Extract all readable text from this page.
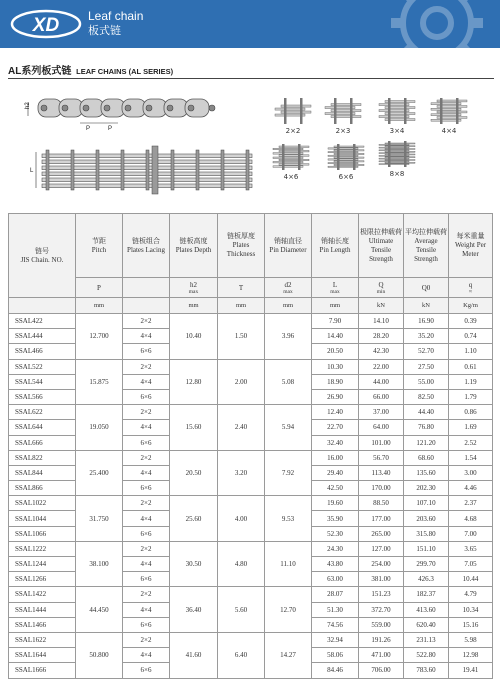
XD Leaf chain
板式链
AL系列板式链 LEAF CHAINS (AL SERIES)
h2
P	P
L
2×2	2×3	3×4	4×4
4×6	6×6	8×8
链号
JIS Chain. NO.	节距
Pitch	链板组合
Plates Lacing	链板高度
Plates Depth	链板厚度
Plates Thickness	销轴直径
Pin Diameter	销轴长度
Pin Length	极限拉伸载荷
Ultimate Tensile Strength	平均拉伸载荷
Average Tensile Strength	每米重量
Weight Per Meter
	P		h2
max	T	d2
max	L
max	Q
min	Q0	q
≈

	mm		mm	mm	mm	mm	kN	kN	Kg/m
SSAL422	12.700	2×2	10.40	1.50	3.96	7.90	14.10	16.90	0.39
SSAL444		4×4				14.40	28.20	35.20	0.74
SSAL466		6×6				20.50	42.30	52.70	1.10
SSAL522	15.875	2×2	12.80	2.00	5.08	10.30	22.00	27.50	0.61
SSAL544		4×4				18.90	44.00	55.00	1.19
SSAL566		6×6				26.90	66.00	82.50	1.79
SSAL622	19.050	2×2	15.60	2.40	5.94	12.40	37.00	44.40	0.86
SSAL644		4×4				22.70	64.00	76.80	1.69
SSAL666		6×6				32.40	101.00	121.20	2.52
SSAL822	25.400	2×2	20.50	3.20	7.92	16.00	56.70	68.60	1.54
SSAL844		4×4				29.40	113.40	135.60	3.00
SSAL866		6×6				42.50	170.00	202.30	4.46
SSAL1022	31.750	2×2	25.60	4.00	9.53	19.60	88.50	107.10	2.37
SSAL1044		4×4				35.90	177.00	203.60	4.68
SSAL1066		6×6				52.30	265.00	315.80	7.00
SSAL1222	38.100	2×2	30.50	4.80	11.10	24.30	127.00	151.10	3.65
SSAL1244		4×4				43.80	254.00	299.70	7.05
SSAL1266		6×6				63.00	381.00	426.3	10.44
SSAL1422	44.450	2×2	36.40	5.60	12.70	28.07	151.23	182.37	4.79
SSAL1444		4×4				51.30	372.70	413.60	10.34
SSAL1466		6×6				74.56	559.00	620.40	15.16
SSAL1622	50.800	2×2	41.60	6.40	14.27	32.94	191.26	231.13	5.98
SSAL1644		4×4				58.06	471.00	522.80	12.98
SSAL1666		6×6				84.46	706.00	783.60	19.41
